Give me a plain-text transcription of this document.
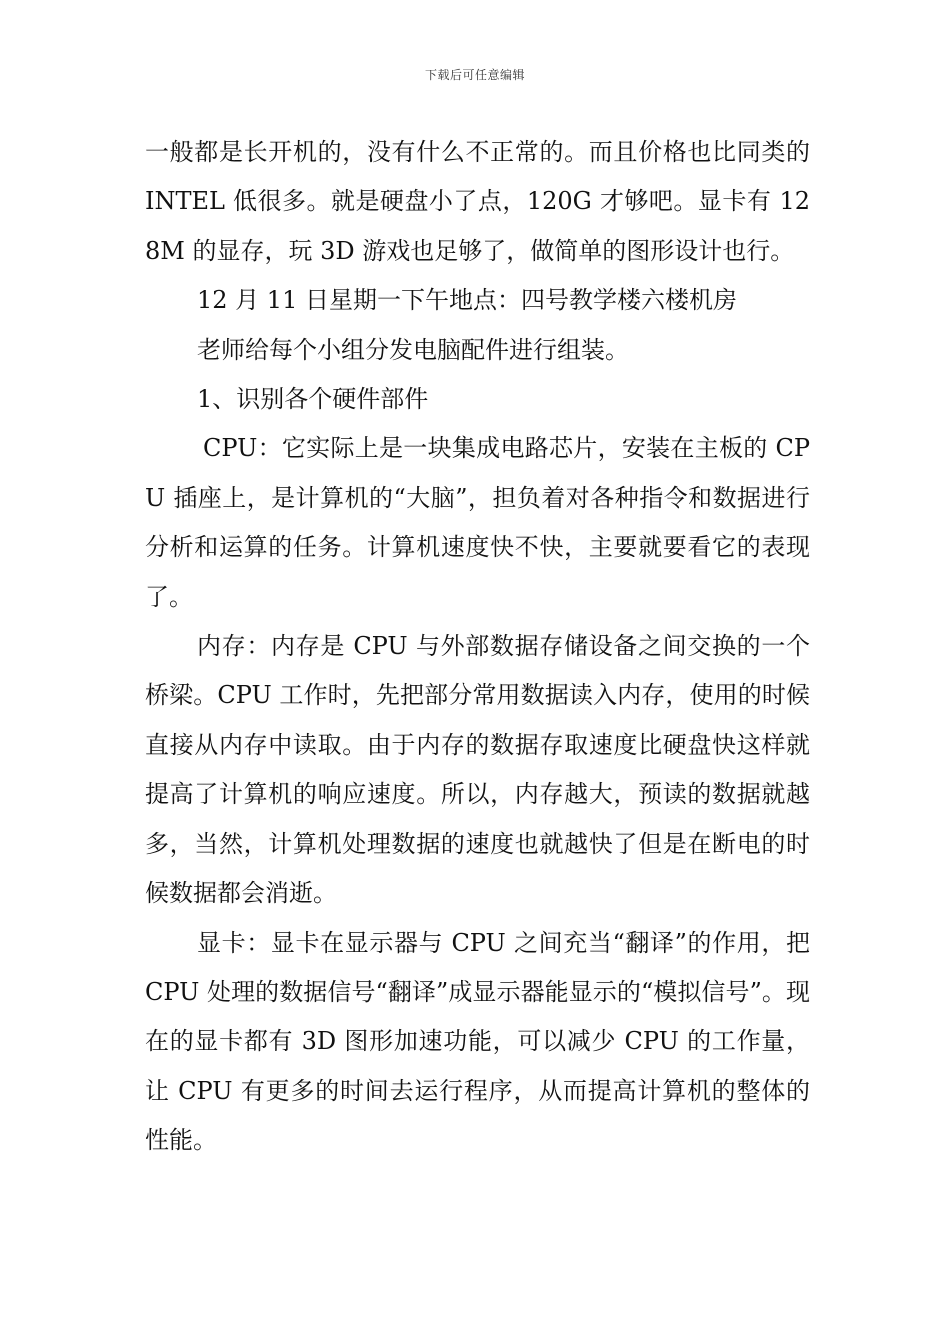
下载后可任意编辑

一般都是长开机的，没有什么不正常的。而且价格也比同类的 INTEL 低很多。就是硬盘小了点，120G 才够吧。显卡有 128M 的显存，玩 3D 游戏也足够了，做简单的图形设计也行。

12 月 11 日星期一下午地点：四号教学楼六楼机房

老师给每个小组分发电脑配件进行组装。

1、识别各个硬件部件

CPU：它实际上是一块集成电路芯片，安装在主板的 CPU 插座上，是计算机的“大脑”，担负着对各种指令和数据进行分析和运算的任务。计算机速度快不快，主要就要看它的表现了。

内存：内存是 CPU 与外部数据存储设备之间交换的一个桥梁。CPU 工作时，先把部分常用数据读入内存，使用的时候直接从内存中读取。由于内存的数据存取速度比硬盘快这样就提高了计算机的响应速度。所以，内存越大，预读的数据就越多，当然，计算机处理数据的速度也就越快了但是在断电的时候数据都会消逝。

显卡：显卡在显示器与 CPU 之间充当“翻译”的作用，把 CPU 处理的数据信号“翻译”成显示器能显示的“模拟信号”。现在的显卡都有 3D 图形加速功能，可以减少 CPU 的工作量，让 CPU 有更多的时间去运行程序，从而提高计算机的整体的性能。
